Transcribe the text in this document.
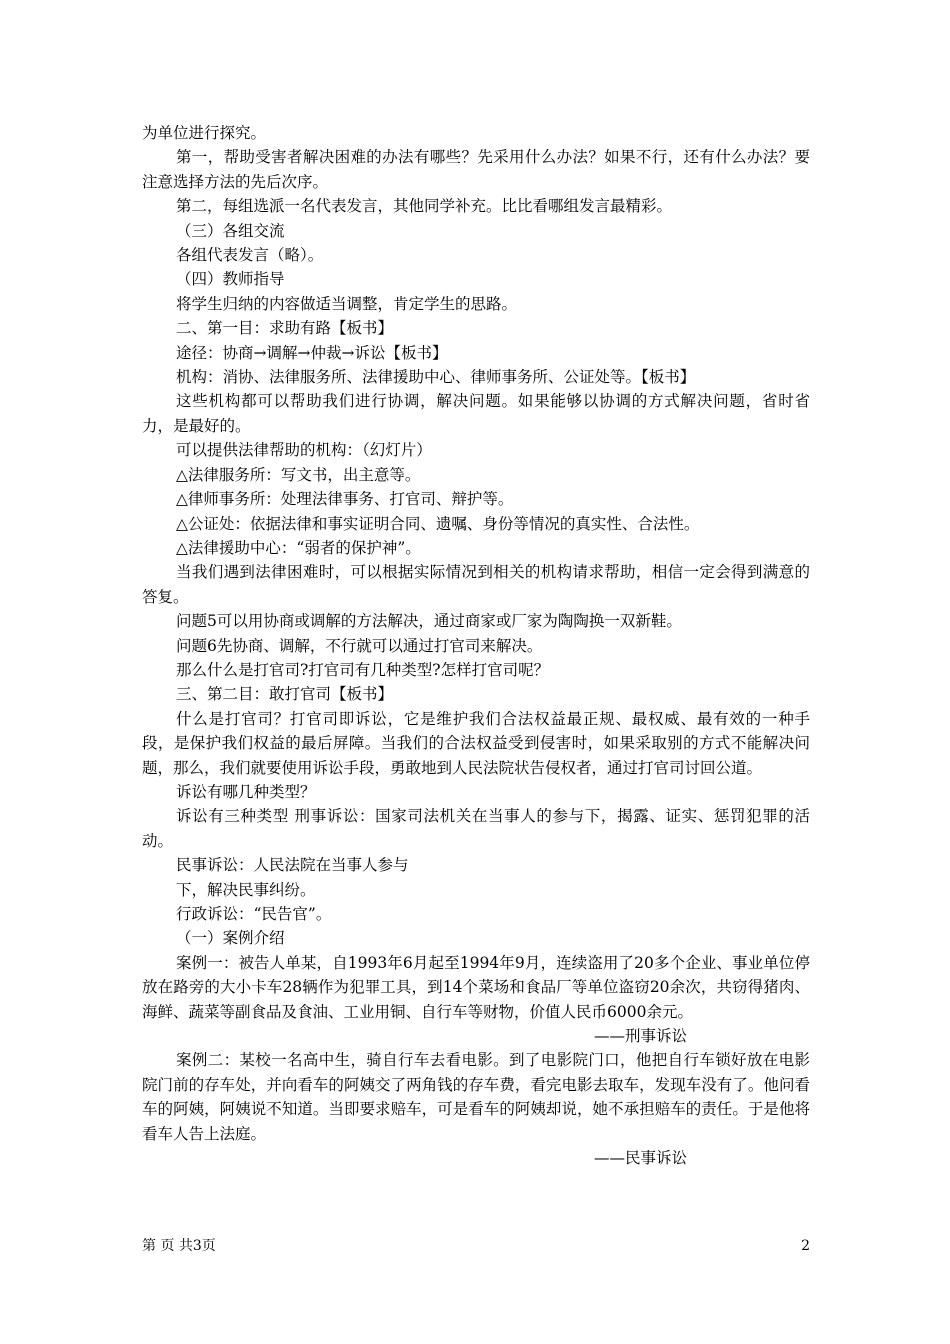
为单位进行探究。

第一，帮助受害者解决困难的办法有哪些？先采用什么办法？如果不行，还有什么办法？要注意选择方法的先后次序。

第二，每组选派一名代表发言，其他同学补充。比比看哪组发言最精彩。

（三）各组交流

各组代表发言（略）。

（四）教师指导

将学生归纳的内容做适当调整，肯定学生的思路。

二、第一目：求助有路【板书】

途径：协商→调解→仲裁→诉讼【板书】

机构：消协、法律服务所、法律援助中心、律师事务所、公证处等。【板书】

这些机构都可以帮助我们进行协调，解决问题。如果能够以协调的方式解决问题，省时省力，是最好的。

可以提供法律帮助的机构：（幻灯片）

△法律服务所：写文书，出主意等。

△律师事务所：处理法律事务、打官司、辩护等。

△公证处：依据法律和事实证明合同、遗嘱、身份等情况的真实性、合法性。

△法律援助中心：“弱者的保护神”。

当我们遇到法律困难时，可以根据实际情况到相关的机构请求帮助，相信一定会得到满意的答复。

问题5可以用协商或调解的方法解决，通过商家或厂家为陶陶换一双新鞋。

问题6先协商、调解，不行就可以通过打官司来解决。

那么什么是打官司?打官司有几种类型?怎样打官司呢？

三、第二目：敢打官司【板书】

什么是打官司？打官司即诉讼，它是维护我们合法权益最正规、最权威、最有效的一种手段，是保护我们权益的最后屏障。当我们的合法权益受到侵害时，如果采取别的方式不能解决问题，那么，我们就要使用诉讼手段，勇敢地到人民法院状告侵权者，通过打官司讨回公道。

诉讼有哪几种类型？

诉讼有三种类型 刑事诉讼：国家司法机关在当事人的参与下，揭露、证实、惩罚犯罪的活动。

民事诉讼：人民法院在当事人参与

下，解决民事纠纷。

行政诉讼：“民告官”。

（一）案例介绍

案例一：被告人单某，自1993年6月起至1994年9月，连续盗用了20多个企业、事业单位停放在路旁的大小卡车28辆作为犯罪工具，到14个菜场和食品厂等单位盗窃20余次，共窃得猪肉、海鲜、蔬菜等副食品及食油、工业用铜、自行车等财物，价值人民币6000余元。

——刑事诉讼

案例二：某校一名高中生，骑自行车去看电影。到了电影院门口，他把自行车锁好放在电影院门前的存车处，并向看车的阿姨交了两角钱的存车费，看完电影去取车，发现车没有了。他问看车的阿姨，阿姨说不知道。当即要求赔车，可是看车的阿姨却说，她不承担赔车的责任。于是他将看车人告上法庭。

——民事诉讼

第 页 共3页	2
